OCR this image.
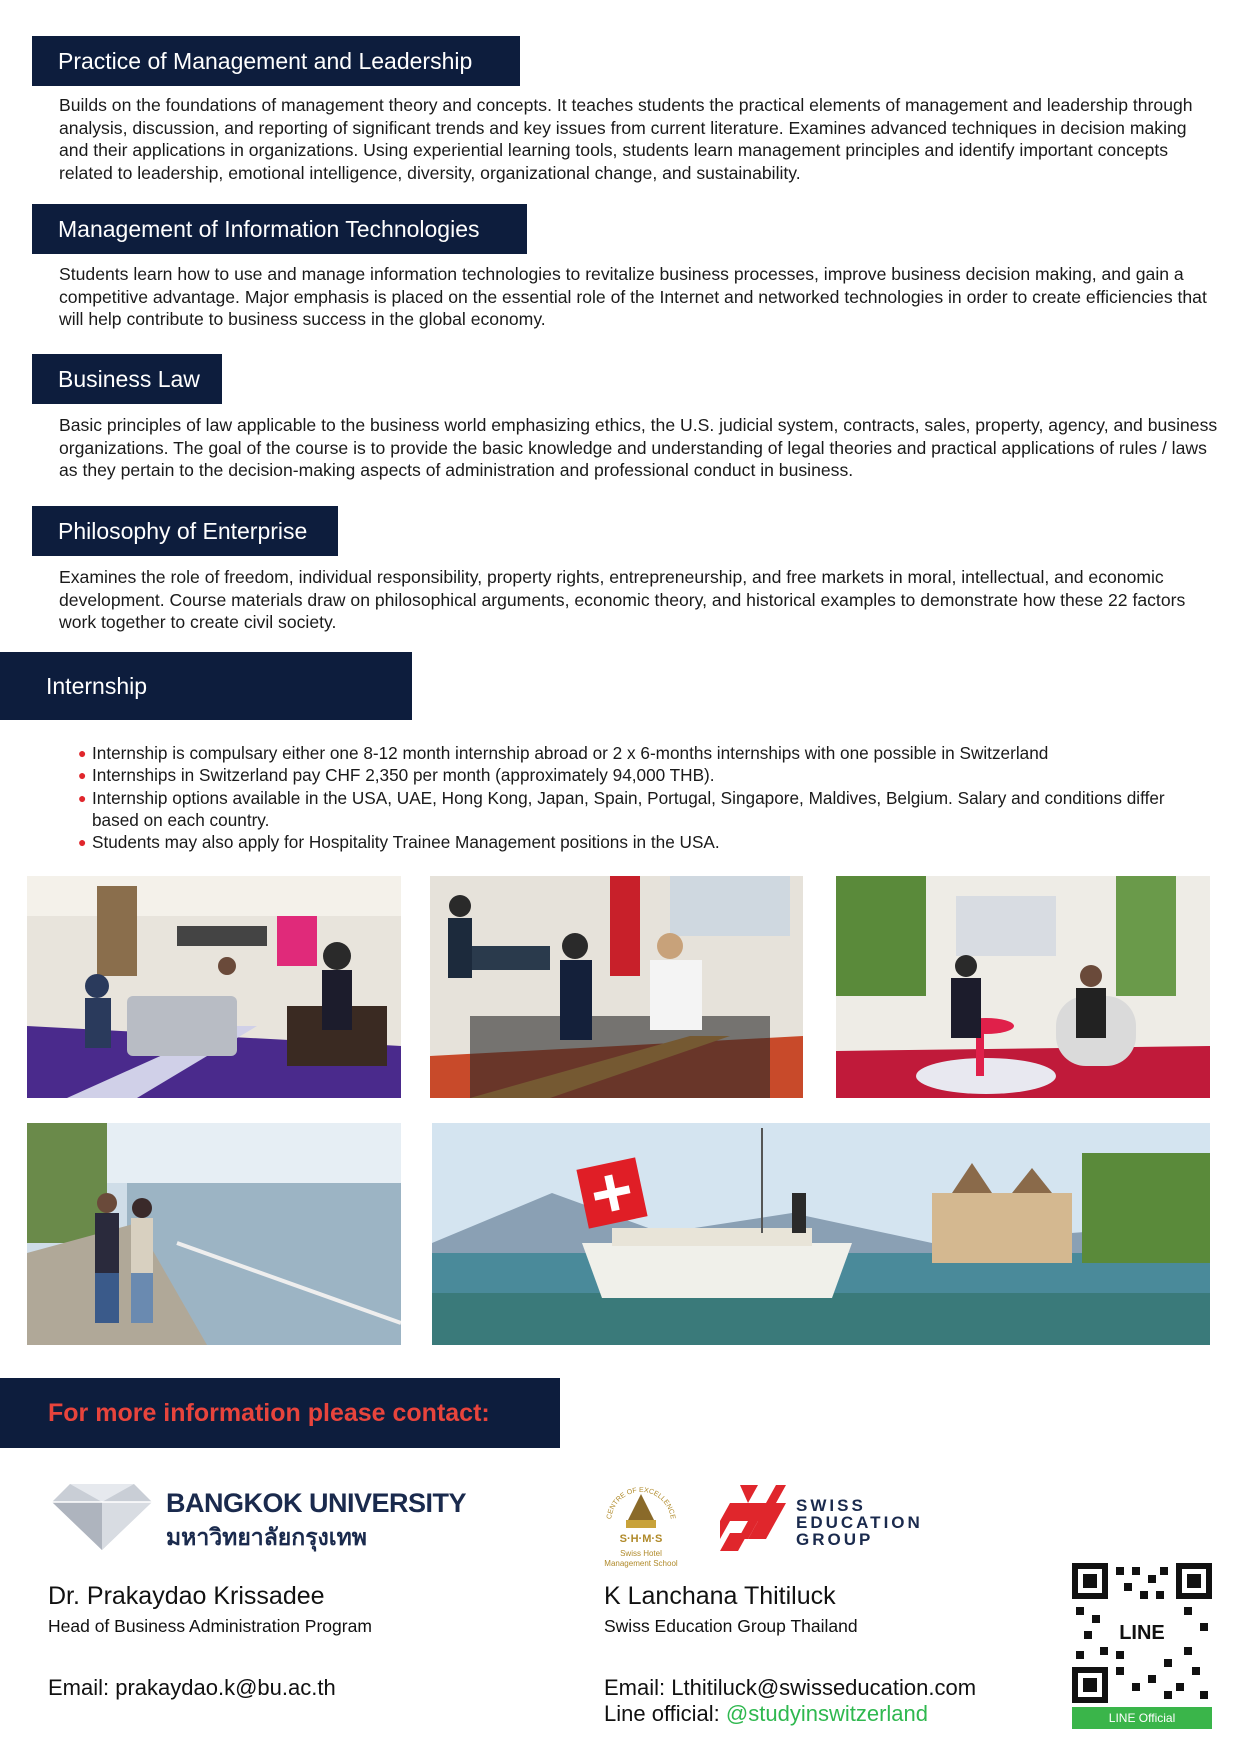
Practice of Management and Leadership
Builds on the foundations of management theory and concepts. It teaches students the practical elements of management and leadership through analysis, discussion, and reporting of significant trends and key issues from current literature. Examines advanced techniques in decision making and their applications in organizations. Using experiential learning tools, students learn management principles and identify important concepts related to leadership, emotional intelligence, diversity, organizational change, and sustainability.
Management of Information Technologies
Students learn how to use and manage information technologies to revitalize business processes, improve business decision making, and gain a competitive advantage. Major emphasis is placed on the essential role of the Internet and networked technologies in order to create efficiencies that will help contribute to business success in the global economy.
Business Law
Basic principles of law applicable to the business world emphasizing ethics, the U.S. judicial system, contracts, sales, property, agency, and business organizations. The goal of the course is to provide the basic knowledge and understanding of legal theories and practical applications of rules / laws as they pertain to the decision-making aspects of administration and professional conduct in business.
Philosophy of Enterprise
Examines the role of freedom, individual responsibility, property rights, entrepreneurship, and free markets in moral, intellectual, and economic development. Course materials draw on philosophical arguments, economic theory, and historical examples to demonstrate how these 22 factors work together to create civil society.
Internship
● Internship is compulsary either one 8-12 month internship abroad or 2 x 6-months internships with one possible in Switzerland
● Internships in Switzerland pay CHF 2,350 per month (approximately 94,000 THB).
● Internship options available in the USA, UAE, Hong Kong, Japan, Spain, Portugal, Singapore, Maldives, Belgium. Salary and conditions differ based on each country.
● Students may also apply for Hospitality Trainee Management positions in the USA.
For more information please contact:
BANGKOK UNIVERSITY
มหาวิทยาลัยกรุงเทพ
Dr. Prakaydao Krissadee
Head of Business Administration Program
Email: prakaydao.k@bu.ac.th
CENTRE OF EXCELLENCE
S·H·M·S
Swiss Hotel
Management School
SWISS
EDUCATION
GROUP
K Lanchana Thitiluck
Swiss Education Group Thailand
Email: Lthitiluck@swisseducation.com
Line official: @studyinswitzerland
LINE
LINE Official
